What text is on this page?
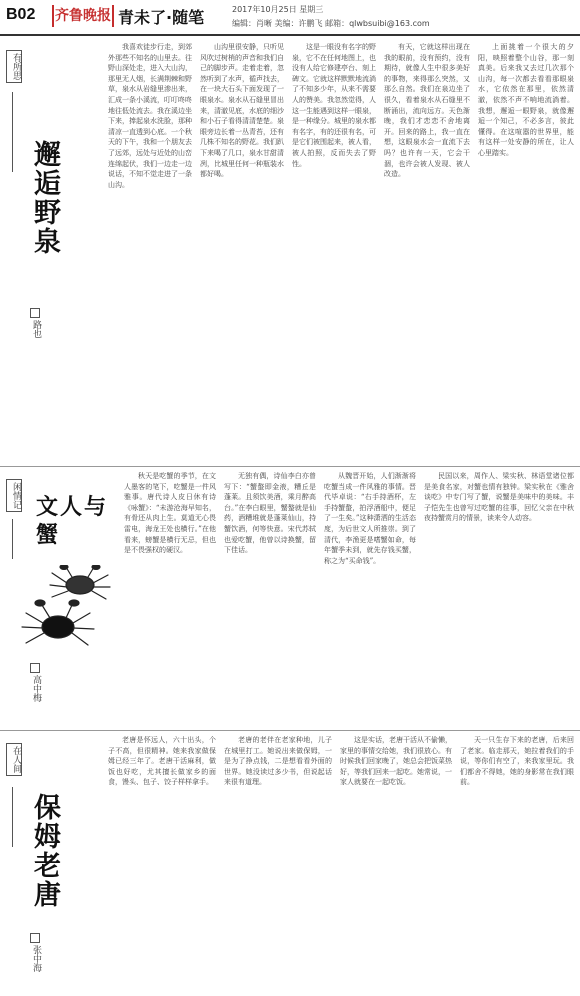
B02 齐鲁晚报 青未了·随笔	2017年10月25日 星期三
编辑：肖晰 美编：许鹏飞 邮箱：qlwbsuibi@163.com
有所思
邂逅野泉
路也

我喜欢徒步行走，到郊外那些不知名的山里去。往野山深处走，进入大山沟，那里无人烟，长满荆棘和野草，泉水从岩缝里渗出来，汇成一条小溪流，叮叮咚咚地往低处流去。我在溪边坐下来，捧起泉水洗脸，那种清凉一直透到心底。一个秋天的下午，我和一个朋友去了远郊，远处与近处的山峦连绵起伏，我们一边走一边说话，不知不觉走进了一条山沟。

山沟里很安静，只听见风吹过树梢的声音和我们自己的脚步声。走着走着，忽然听到了水声，循声找去，在一块大石头下面发现了一眼泉水。泉水从石缝里冒出来，清澈见底，水底的细沙和小石子看得清清楚楚。泉眼旁边长着一丛青苔，还有几株不知名的野花。我们趴下来喝了几口，泉水甘甜清冽，比城里任何一种瓶装水都好喝。

这是一眼没有名字的野泉，它不在任何地图上，也没有人给它修建亭台、刻上碑文。它就这样默默地流淌了不知多少年，从来不需要人的赞美。我忽然觉得，人这一生能遇到这样一眼泉，是一种缘分。城里的泉水都有名字，有的还很有名，可是它们被围起来，被人看，被人拍照，反而失去了野性。

有天，它就这样出现在我的眼前，没有预约，没有期待，就像人生中很多美好的事物，来得那么突然，又那么自然。我们在泉边坐了很久，看着泉水从石缝里不断涌出，流向远方。天色渐晚，我们才恋恋不舍地离开。回来的路上，我一直在想，这眼泉水会一直流下去吗？也许有一天，它会干涸，也许会被人发现、被人改造。

上面挑着一个很大的夕阳，映照着整个山谷，那一刻真美。后来我又去过几次那个山沟，每一次都去看看那眼泉水，它依然在那里，依然清澈，依然不声不响地流淌着。我想，邂逅一眼野泉，就像邂逅一个知己，不必多言，彼此懂得。在这喧嚣的世界里，能有这样一处安静的所在，让人心里踏实。

闲情记 文人与蟹
高中梅

秋天是吃蟹的季节，在文人墨客的笔下，吃蟹是一件风雅事。唐代诗人皮日休有诗《咏蟹》：“未游沧海早知名，有骨还从肉上生。莫道无心畏雷电，海龙王处也横行。”在他看来，螃蟹是横行无忌，但也是不畏强权的硬汉。

无独有偶，诗仙李白亦曾写下：“蟹螯即金液，糟丘是蓬莱。且须饮美酒，乘月醉高台。”在李白眼里，蟹螯就是仙药，酒糟堆就是蓬莱仙山，持蟹饮酒，何等快意。宋代苏轼也爱吃蟹，他曾以诗换蟹，留下佳话。

从魏晋开始，人们渐渐将吃蟹当成一件风雅的事情。晋代毕卓说：“右手持酒杯，左手持蟹螯，拍浮酒船中，便足了一生矣。”这种潇洒的生活态度，为后世文人所推崇。到了清代，李渔更是嗜蟹如命，每年蟹季未到，就先存钱买蟹，称之为“买命钱”。

民国以来，周作人、梁实秋、林语堂诸位都是美食名家，对蟹也情有独钟。梁实秋在《雅舍谈吃》中专门写了蟹，说蟹是美味中的美味。丰子恺先生也曾写过吃蟹的往事，回忆父亲在中秋夜持蟹赏月的情景，读来令人动容。

在人间
保姆老唐
张中海

老唐是怀远人，六十出头，个子不高，但很精神。她来我家做保姆已经三年了。老唐干活麻利，做饭也好吃，尤其擅长做家乡的面食，馒头、包子、饺子样样拿手。

老唐的老伴在老家种地，儿子在城里打工。她说出来做保姆，一是为了挣点钱，二是想看看外面的世界。她没读过多少书，但说起话来很有道理。

这是实话，老唐干活从不偷懒，家里的事情交给她，我们很放心。有时候我们回家晚了，她总会把饭菜热好，等我们回来一起吃。她常说，一家人就要在一起吃饭。

天一只生存下来的老唐，后来回了老家。临走那天，她拉着我们的手说，等你们有空了，来我家里玩。我们都舍不得她，她的身影常在我们眼前。
